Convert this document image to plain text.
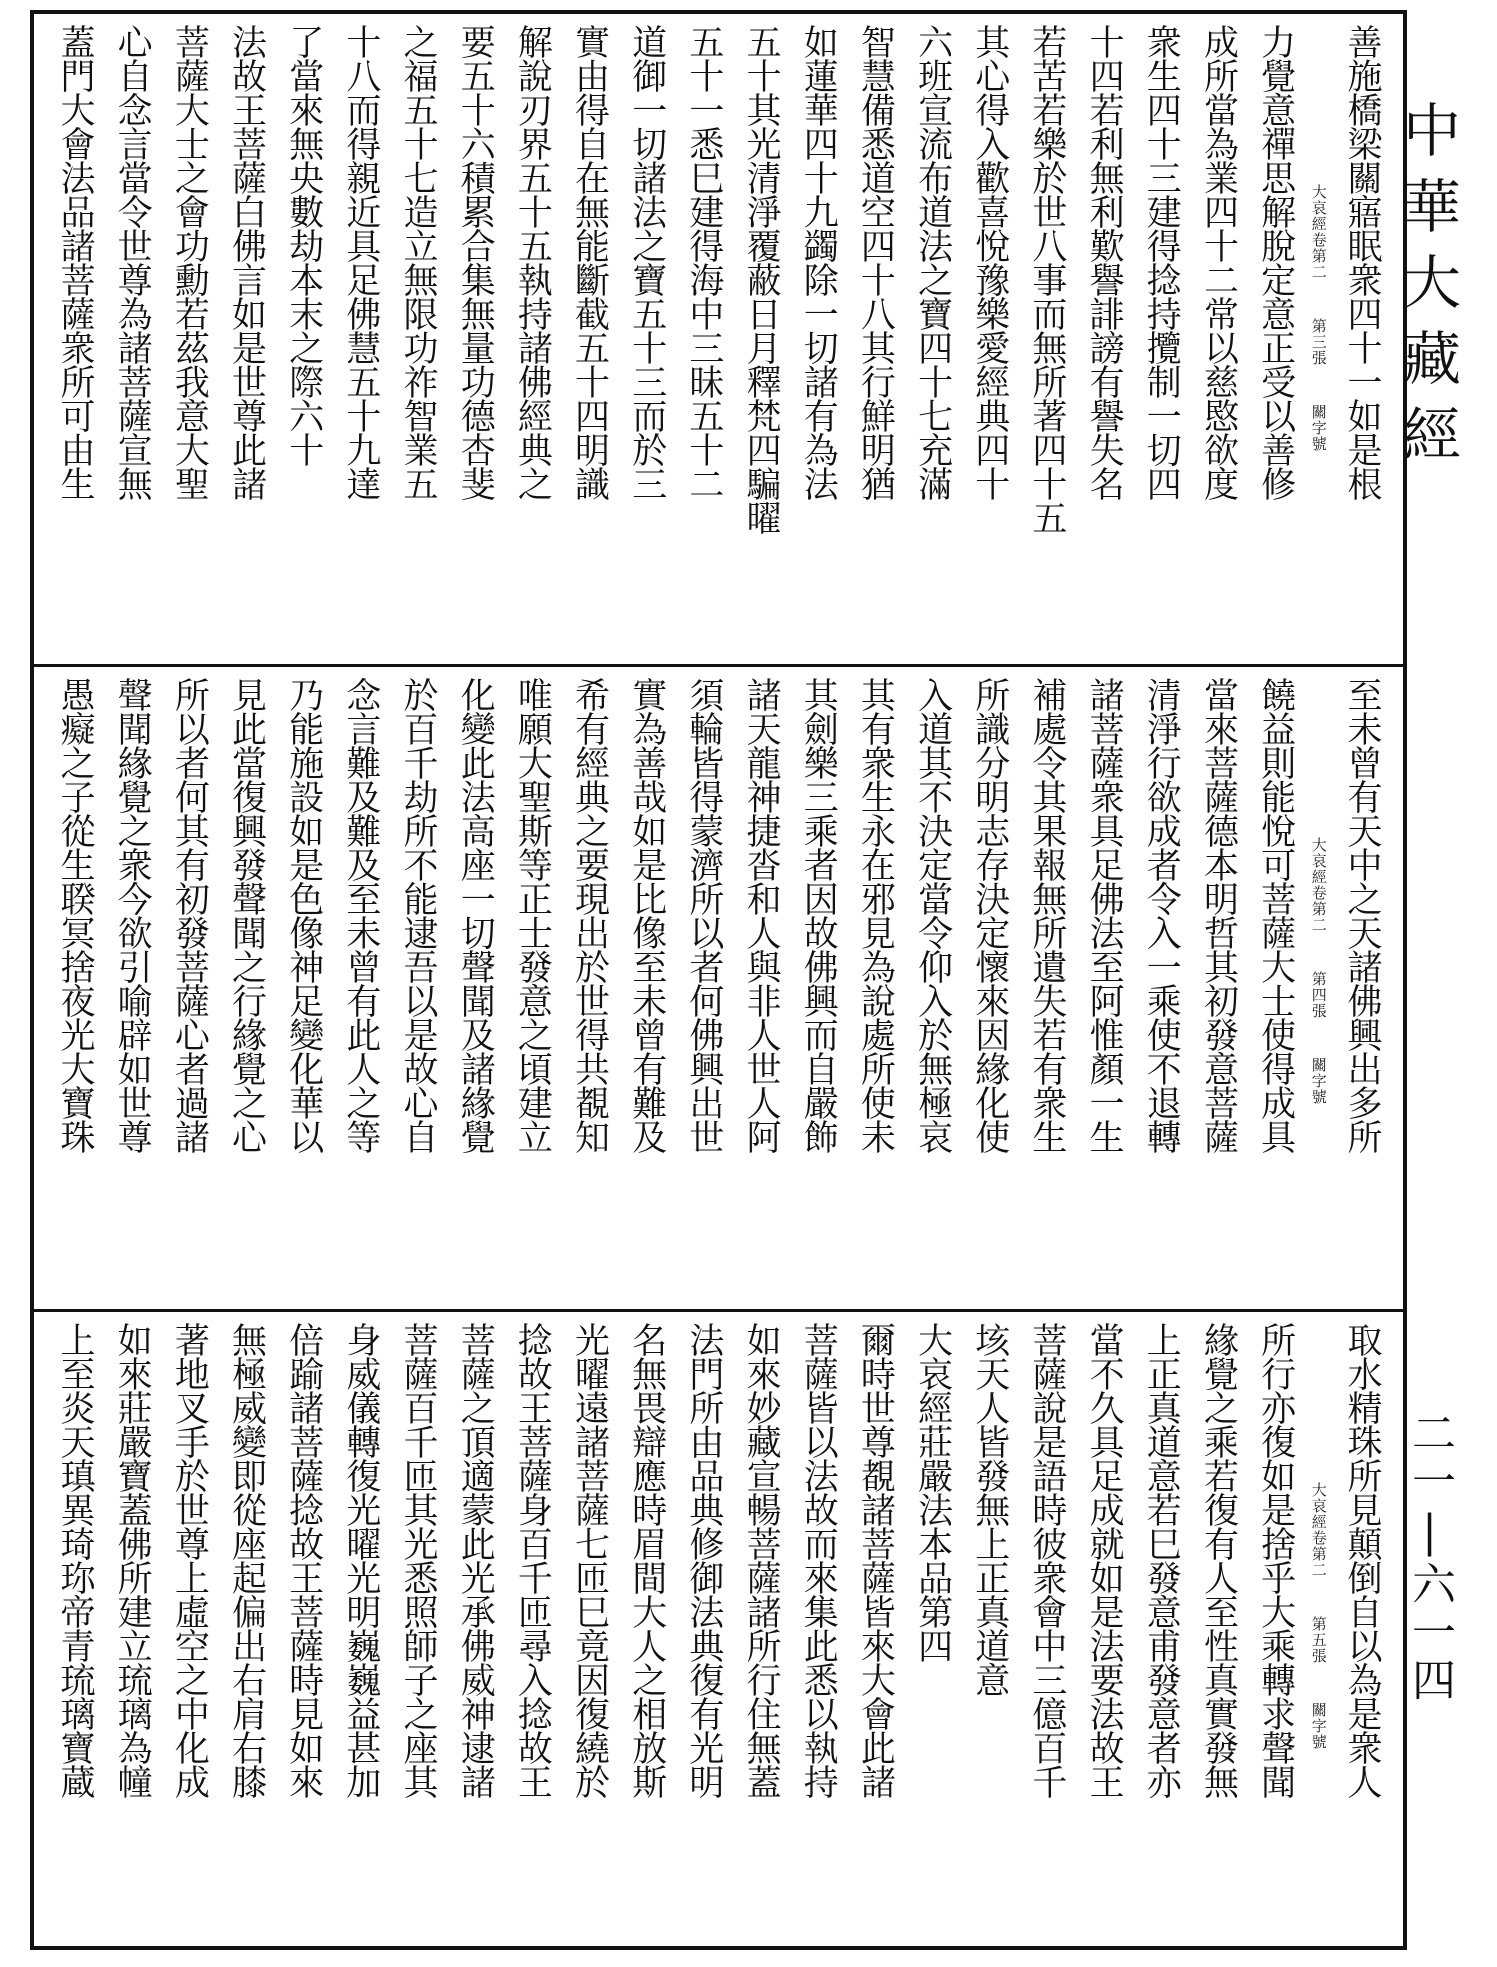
中華大藏經
善施橋梁關寤眠衆四十一如是根
大哀經卷第二第三張關字號
力覺意禪思解脫定意正受以善修
成所當為業四十二常以慈愍欲度
衆生四十三建得捻持攬制一切四
十四若利無利歎譽誹謗有譽失名
若苦若樂於世八事而無所著四十五
其心得入歡喜悅豫樂愛經典四十
六班宣流布道法之寶四十七充滿
智慧備悉道空四十八其行鮮明猶
如蓮華四十九蠲除一切諸有為法
五十其光清淨覆蔽日月釋梵四騙曜
五十一悉巳建得海中三昧五十二
道御一切諸法之寶五十三而於三
實由得自在無能斷截五十四明識
解說刃界五十五執持諸佛經典之
要五十六積累合集無量功德杏斐
之福五十七造立無限功祚智業五
十八而得親近具足佛慧五十九達
了當來無央數劫本末之際六十
法故王菩薩白佛言如是世尊此諸
菩薩大士之會功勳若茲我意大聖
心自念言當令世尊為諸菩薩宣無
蓋門大會法品諸菩薩衆所可由生
至未曾有天中之天諸佛興出多所
大哀經卷第二第四張關字號
饒益則能悅可菩薩大士使得成具
當來菩薩德本明哲其初發意菩薩
清淨行欲成者令入一乘使不退轉
諸菩薩衆具足佛法至阿惟顏一生
補處令其果報無所遺失若有衆生
所識分明志存決定懷來因緣化使
入道其不決定當令仰入於無極哀
其有衆生永在邪見為說處所使未
其劍樂三乘者因故佛興而自嚴飾
諸天龍神捷沓和人與非人世人阿
須輪皆得蒙濟所以者何佛興出世
實為善哉如是比像至未曾有難及
希有經典之要現出於世得共覩知
唯願大聖斯等正士發意之頃建立
化變此法高座一切聲聞及諸緣覺
於百千劫所不能逮吾以是故心自
念言難及難及至未曾有此人之等
乃能施設如是色像神足變化華以
見此當復興發聲聞之行緣覺之心
所以者何其有初發菩薩心者過諸
聲聞緣覺之衆今欲引喻辟如世尊
愚癡之子從生聧冥捨夜光大寶珠
取水精珠所見顛倒自以為是衆人
大哀經卷第二第五張關字號
所行亦復如是捨乎大乘轉求聲聞
緣覺之乘若復有人至性真實發無
上正真道意若巳發意甫發意者亦
當不久具足成就如是法要法故王
菩薩說是語時彼衆會中三億百千
垓天人皆發無上正真道意
大哀經莊嚴法本品第四
爾時世尊覩諸菩薩皆來大會此諸
菩薩皆以法故而來集此悉以執持
如來妙藏宣暢菩薩諸所行住無蓋
法門所由品典修御法典復有光明
名無畏辯應時眉間大人之相放斯
光曜遠諸菩薩七匝巳竟因復繞於
捻故王菩薩身百千匝尋入捻故王
菩薩之頂適蒙此光承佛威神逮諸
菩薩百千匝其光悉照師子之座其
身威儀轉復光曜光明巍巍益甚加
倍踰諸菩薩捻故王菩薩時見如來
無極威變即從座起偏出右肩右膝
著地叉手於世尊上虛空之中化成
如來莊嚴寶蓋佛所建立琉璃為幢
上至炎天瑱異琦珎帝青琉璃寶蔵	二一|六一四
